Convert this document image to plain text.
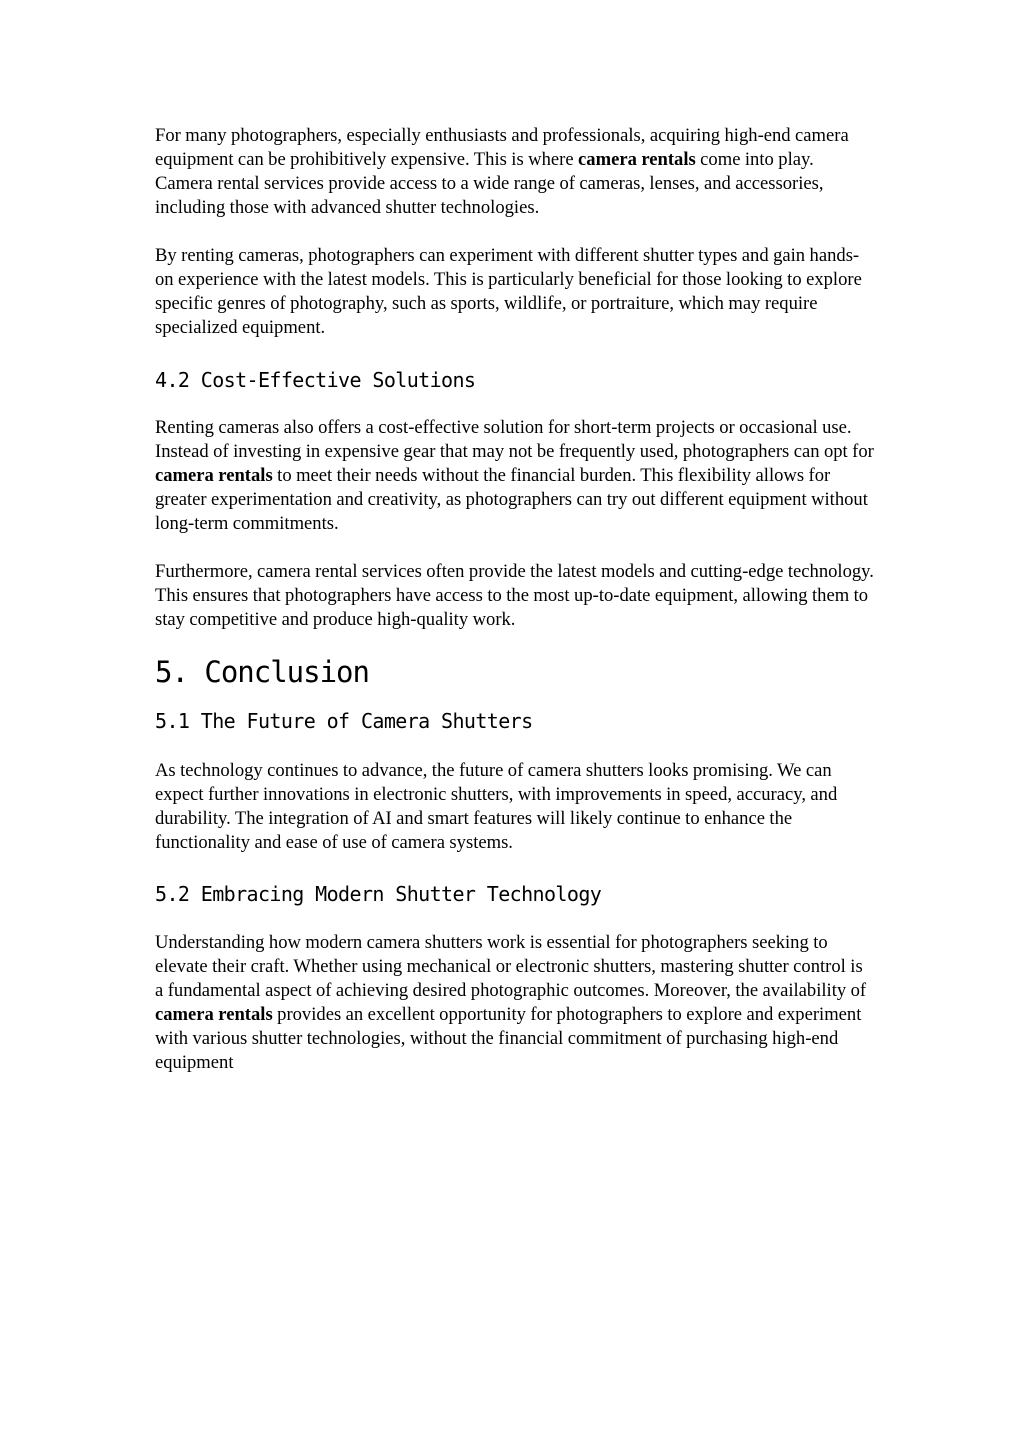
For many photographers, especially enthusiasts and professionals, acquiring high-end camera equipment can be prohibitively expensive. This is where camera rentals come into play. Camera rental services provide access to a wide range of cameras, lenses, and accessories, including those with advanced shutter technologies.

By renting cameras, photographers can experiment with different shutter types and gain hands-on experience with the latest models. This is particularly beneficial for those looking to explore specific genres of photography, such as sports, wildlife, or portraiture, which may require specialized equipment.

4.2 Cost-Effective Solutions

Renting cameras also offers a cost-effective solution for short-term projects or occasional use. Instead of investing in expensive gear that may not be frequently used, photographers can opt for camera rentals to meet their needs without the financial burden. This flexibility allows for greater experimentation and creativity, as photographers can try out different equipment without long-term commitments.

Furthermore, camera rental services often provide the latest models and cutting-edge technology. This ensures that photographers have access to the most up-to-date equipment, allowing them to stay competitive and produce high-quality work.

5. Conclusion
5.1 The Future of Camera Shutters

As technology continues to advance, the future of camera shutters looks promising. We can expect further innovations in electronic shutters, with improvements in speed, accuracy, and durability. The integration of AI and smart features will likely continue to enhance the functionality and ease of use of camera systems.

5.2 Embracing Modern Shutter Technology

Understanding how modern camera shutters work is essential for photographers seeking to elevate their craft. Whether using mechanical or electronic shutters, mastering shutter control is a fundamental aspect of achieving desired photographic outcomes. Moreover, the availability of camera rentals provides an excellent opportunity for photographers to explore and experiment with various shutter technologies, without the financial commitment of purchasing high-end equipment
